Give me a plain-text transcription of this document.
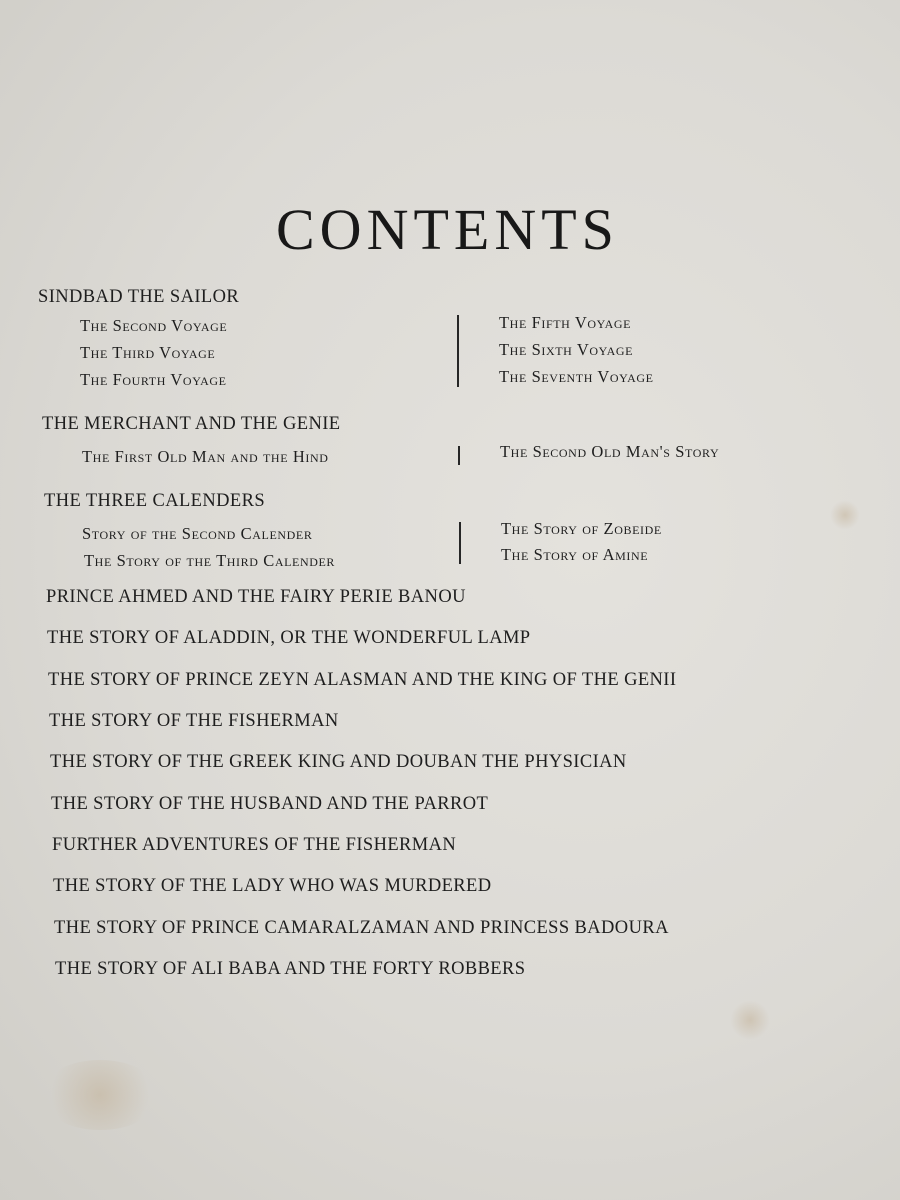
CONTENTS
SINDBAD THE SAILOR
The Second Voyage
The Third Voyage
The Fourth Voyage
The Fifth Voyage
The Sixth Voyage
The Seventh Voyage
THE MERCHANT AND THE GENIE
The First Old Man and the Hind	The Second Old Man's Story
THE THREE CALENDERS
Story of the Second Calender
The Story of the Third Calender
The Story of Zobeide
The Story of Amine
PRINCE AHMED AND THE FAIRY PERIE BANOU
THE STORY OF ALADDIN, OR THE WONDERFUL LAMP
THE STORY OF PRINCE ZEYN ALASMAN AND THE KING OF THE GENII
THE STORY OF THE FISHERMAN
THE STORY OF THE GREEK KING AND DOUBAN THE PHYSICIAN
THE STORY OF THE HUSBAND AND THE PARROT
FURTHER ADVENTURES OF THE FISHERMAN
THE STORY OF THE LADY WHO WAS MURDERED
THE STORY OF PRINCE CAMARALZAMAN AND PRINCESS BADOURA
THE STORY OF ALI BABA AND THE FORTY ROBBERS
